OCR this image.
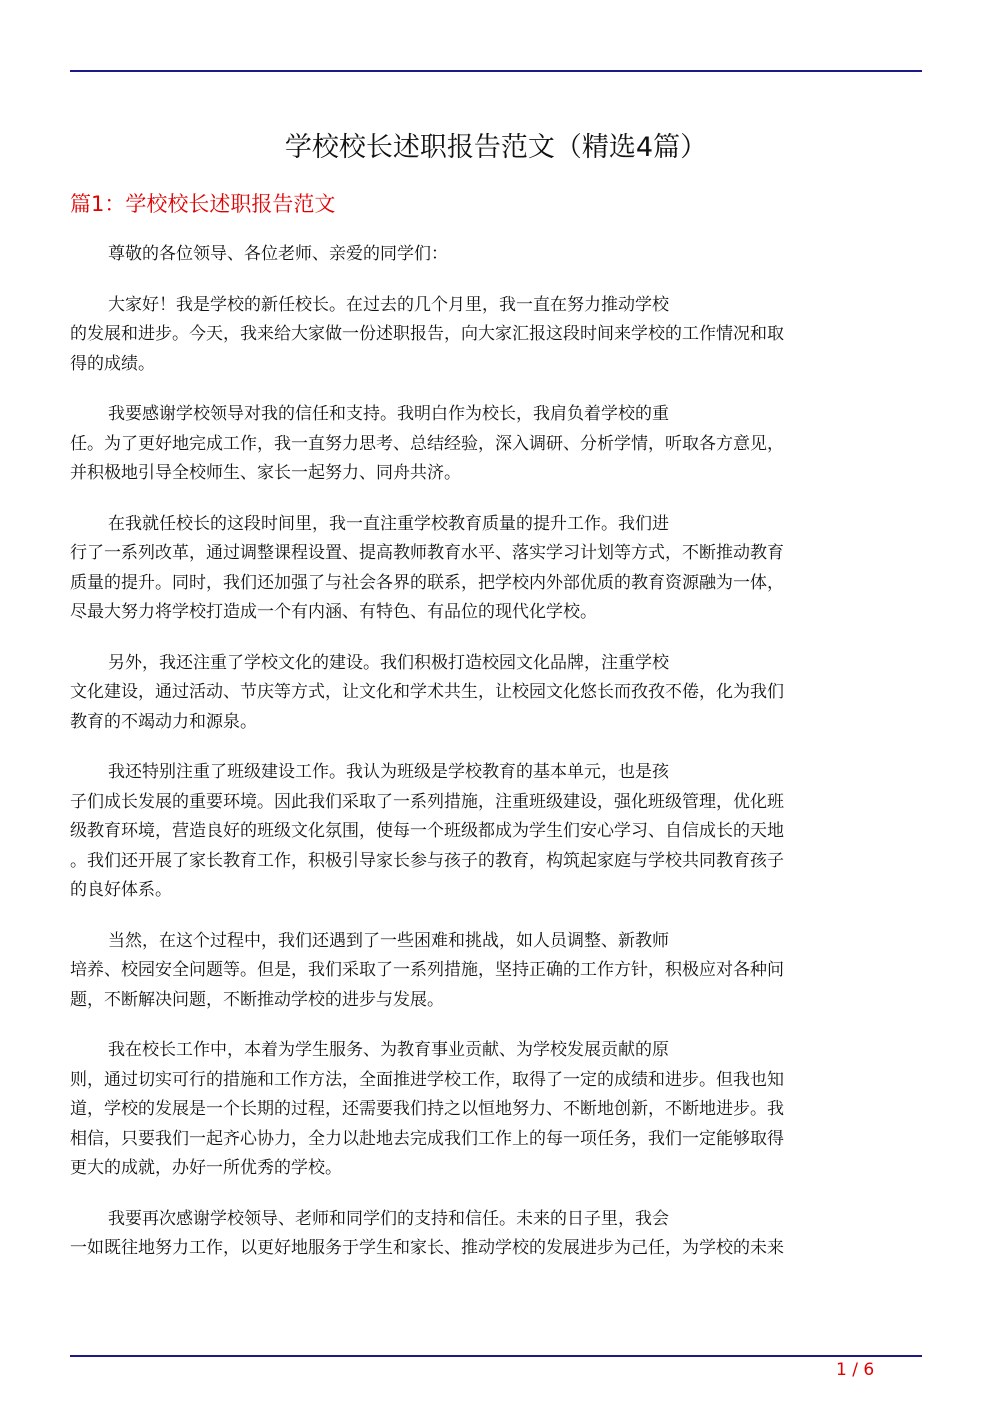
学校校长述职报告范文（精选4篇）
篇1：学校校长述职报告范文

尊敬的各位领导、各位老师、亲爱的同学们：

大家好！我是学校的新任校长。在过去的几个月里，我一直在努力推动学校
的发展和进步。今天，我来给大家做一份述职报告，向大家汇报这段时间来学校的工作情况和取
得的成绩。

我要感谢学校领导对我的信任和支持。我明白作为校长，我肩负着学校的重
任。为了更好地完成工作，我一直努力思考、总结经验，深入调研、分析学情，听取各方意见，
并积极地引导全校师生、家长一起努力、同舟共济。

在我就任校长的这段时间里，我一直注重学校教育质量的提升工作。我们进
行了一系列改革，通过调整课程设置、提高教师教育水平、落实学习计划等方式，不断推动教育
质量的提升。同时，我们还加强了与社会各界的联系，把学校内外部优质的教育资源融为一体，
尽最大努力将学校打造成一个有内涵、有特色、有品位的现代化学校。

另外，我还注重了学校文化的建设。我们积极打造校园文化品牌，注重学校
文化建设，通过活动、节庆等方式，让文化和学术共生，让校园文化悠长而孜孜不倦，化为我们
教育的不竭动力和源泉。

我还特别注重了班级建设工作。我认为班级是学校教育的基本单元，也是孩
子们成长发展的重要环境。因此我们采取了一系列措施，注重班级建设，强化班级管理，优化班
级教育环境，营造良好的班级文化氛围，使每一个班级都成为学生们安心学习、自信成长的天地
。我们还开展了家长教育工作，积极引导家长参与孩子的教育，构筑起家庭与学校共同教育孩子
的良好体系。

当然，在这个过程中，我们还遇到了一些困难和挑战，如人员调整、新教师
培养、校园安全问题等。但是，我们采取了一系列措施，坚持正确的工作方针，积极应对各种问
题，不断解决问题，不断推动学校的进步与发展。

我在校长工作中，本着为学生服务、为教育事业贡献、为学校发展贡献的原
则，通过切实可行的措施和工作方法，全面推进学校工作，取得了一定的成绩和进步。但我也知
道，学校的发展是一个长期的过程，还需要我们持之以恒地努力、不断地创新，不断地进步。我
相信，只要我们一起齐心协力，全力以赴地去完成我们工作上的每一项任务，我们一定能够取得
更大的成就，办好一所优秀的学校。

我要再次感谢学校领导、老师和同学们的支持和信任。未来的日子里，我会
一如既往地努力工作，以更好地服务于学生和家长、推动学校的发展进步为己任，为学校的未来

1 / 6
